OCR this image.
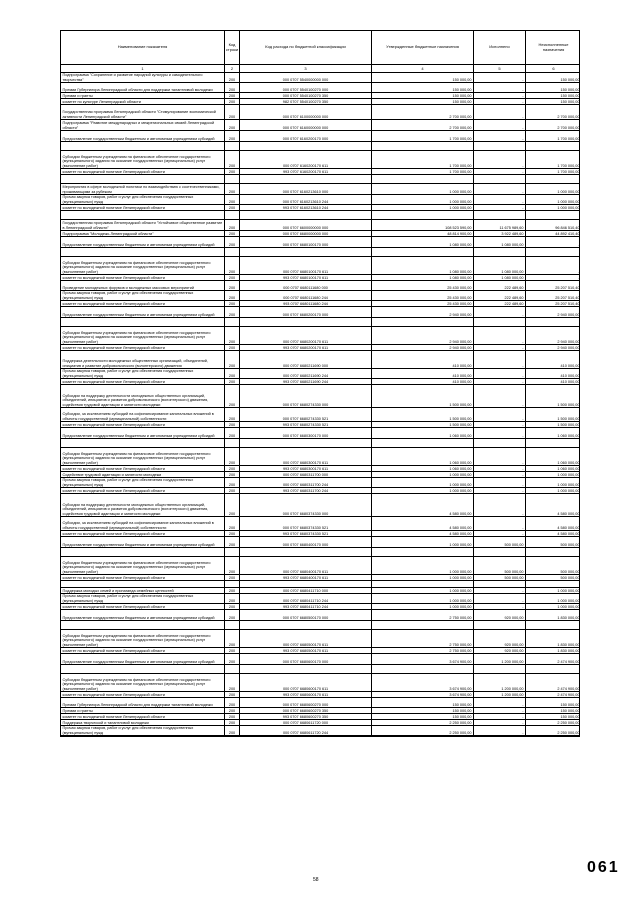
Наименование показателя	Код строки	Код расхода по бюджетной классификации	Утвержденные бюджетные назначения	Исполнено	Неисполненные назначения
1	2	3	4	5	6
Подпрограмма "Сохранение и развитие народной культуры и самодеятельного творчества"	200	000 0707 5540000000 000	150 000,00	-	150 000,00
Премии Губернатора Ленинградской области для поддержки талантливой молодежи	200	000 0707 5540100270 000	150 000,00	-	150 000,00
Премии и гранты	200	000 0707 5540100270 350	150 000,00	-	150 000,00
комитет по культуре Ленинградской области	200	982 0707 5540100270 350	150 000,00	-	150 000,00
Государственная программа Ленинградской области "Стимулирование экономической активности Ленинградской области"	200	000 0707 6100000000 000	2 700 000,00	-	2 700 000,00
Подпрограмма "Развитие международных и межрегиональных связей Ленинградской области"	200	000 0707 6160000000 000	2 700 000,00	-	2 700 000,00
Предоставление государственным бюджетным и автономным учреждениям субсидий	200	000 0707 6160200170 000	1 700 000,00	-	1 700 000,00
Субсидии бюджетным учреждениям на финансовое обеспечение государственного (муниципального) задания на оказание государственных (муниципальных) услуг (выполнение работ)	200	000 0707 6160200170 611	1 700 000,00	-	1 700 000,00
комитет по молодежной политике Ленинградской области	200	993 0707 6160200170 611	1 700 000,00	-	1 700 000,00
Мероприятия в сфере молодежной политики по взаимодействию с соотечественниками, проживающими за рубежом	200	000 0707 6160213610 000	1 000 000,00	-	1 000 000,00
Прочая закупка товаров, работ и услуг для обеспечения государственных (муниципальных) нужд	200	000 0707 6160213610 244	1 000 000,00	-	1 000 000,00
комитет по молодежной политике Ленинградской области	200	993 0707 6160213610 244	1 000 000,00	-	1 000 000,00
Государственная программа Ленинградской области "Устойчивое общественное развитие в Ленинградской области"	200	000 0707 6600000000 000	108 523 590,00	11 675 989,60	96 846 510,40
Подпрограмма "Молодежь Ленинградской области"	200	000 0707 6680000000 000	48 814 900,00	3 922 489,60	44 892 410,40
Предоставление государственным бюджетным и автономным учреждениям субсидий	200	000 0707 6680100170 000	1 080 000,00	1 080 000,00	-
Субсидии бюджетным учреждениям на финансовое обеспечение государственного (муниципального) задания на оказание государственных (муниципальных) услуг (выполнение работ)	200	000 0707 6680100170 611	1 080 000,00	1 080 000,00	-
комитет по молодежной политике Ленинградской области	200	993 0707 6680100170 611	1 080 000,00	1 080 000,00	-
Проведение молодежных форумов и молодежных массовых мероприятий	200	000 0707 6680111680 000	25 430 000,00	222 489,60	25 207 510,40
Прочая закупка товаров, работ и услуг для обеспечения государственных (муниципальных) нужд	200	000 0707 6680111680 244	25 430 000,00	222 489,60	25 207 510,40
комитет по молодежной политике Ленинградской области	200	993 0707 6680111680 244	25 430 000,00	222 489,60	25 207 510,40
Предоставление государственным бюджетным и автономным учреждениям субсидий	200	000 0707 6680200170 000	2 940 000,00	-	2 940 000,00
Субсидии бюджетным учреждениям на финансовое обеспечение государственного (муниципального) задания на оказание государственных (муниципальных) услуг (выполнение работ)	200	000 0707 6680200170 611	2 940 000,00	-	2 940 000,00
комитет по молодежной политике Ленинградской области	200	993 0707 6680200170 611	2 940 000,00	-	2 940 000,00
Поддержка деятельности молодежных общественных организаций, объединений, инициатив и развитие добровольческого (волонтерского) движения	200	000 0707 6680211690 000	410 000,00	-	410 000,00
Прочая закупка товаров, работ и услуг для обеспечения государственных (муниципальных) нужд	200	000 0707 6680211690 244	410 000,00	-	410 000,00
комитет по молодежной политике Ленинградской области	200	993 0707 6680211690 244	410 000,00	-	410 000,00
Субсидии на поддержку деятельности молодежных общественных организаций, объединений, инициатив и развития добровольческого (волонтерского) движения, содействия трудовой адаптации и занятости молодежи	200	000 0707 6680274330 000	1 500 000,00	-	1 500 000,00
Субсидии, за исключением субсидий на софинансирование капитальных вложений в объекты государственной (муниципальной) собственности	200	000 0707 6680274330 521	1 500 000,00	-	1 500 000,00
комитет по молодежной политике Ленинградской области	200	993 0707 6680274330 521	1 500 000,00	-	1 500 000,00
Предоставление государственным бюджетным и автономным учреждениям субсидий	200	000 0707 6680300170 000	1 060 000,00	-	1 060 000,00
Субсидии бюджетным учреждениям на финансовое обеспечение государственного (муниципального) задания на оказание государственных (муниципальных) услуг (выполнение работ)	200	000 0707 6680300170 611	1 060 000,00	-	1 060 000,00
комитет по молодежной политике Ленинградской области	200	993 0707 6680300170 611	1 060 000,00	-	1 060 000,00
Содействие трудовой адаптации и занятости молодежи	200	000 0707 6680311700 000	1 000 000,00	-	1 000 000,00
Прочая закупка товаров, работ и услуг для обеспечения государственных (муниципальных) нужд	200	000 0707 6680311700 244	1 000 000,00	-	1 000 000,00
комитет по молодежной политике Ленинградской области	200	993 0707 6680311700 244	1 000 000,00	-	1 000 000,00
Субсидии на поддержку деятельности молодежных общественных организаций, объединений, инициатив и развития добровольческого (волонтерского) движения, содействия трудовой адаптации и занятости молодежи	200	000 0707 6680374330 000	4 580 000,00	-	4 580 000,00
Субсидии, за исключением субсидий на софинансирование капитальных вложений в объекты государственной (муниципальной) собственности	200	000 0707 6680374330 521	4 580 000,00	-	4 580 000,00
комитет по молодежной политике Ленинградской области	200	993 0707 6680374330 521	4 580 000,00	-	4 580 000,00
Предоставление государственным бюджетным и автономным учреждениям субсидий	200	000 0707 6680400170 000	1 000 000,00	500 000,00	500 000,00
Субсидии бюджетным учреждениям на финансовое обеспечение государственного (муниципального) задания на оказание государственных (муниципальных) услуг (выполнение работ)	200	000 0707 6680400170 611	1 000 000,00	500 000,00	500 000,00
комитет по молодежной политике Ленинградской области	200	993 0707 6680400170 611	1 000 000,00	500 000,00	500 000,00
Поддержка молодых семей и пропаганда семейных ценностей	200	000 0707 6680411710 000	1 000 000,00	-	1 000 000,00
Прочая закупка товаров, работ и услуг для обеспечения государственных (муниципальных) нужд	200	000 0707 6680411710 244	1 000 000,00	-	1 000 000,00
комитет по молодежной политике Ленинградской области	200	993 0707 6680411710 244	1 000 000,00	-	1 000 000,00
Предоставление государственным бюджетным и автономным учреждениям субсидий	200	000 0707 6680500170 000	2 750 000,00	920 000,00	1 830 000,00
Субсидии бюджетным учреждениям на финансовое обеспечение государственного (муниципального) задания на оказание государственных (муниципальных) услуг (выполнение работ)	200	000 0707 6680500170 611	2 750 000,00	920 000,00	1 830 000,00
комитет по молодежной политике Ленинградской области	200	993 0707 6680500170 611	2 750 000,00	920 000,00	1 830 000,00
Предоставление государственным бюджетным и автономным учреждениям субсидий	200	000 0707 6680600170 000	3 674 900,00	1 200 000,00	2 474 900,00
Субсидии бюджетным учреждениям на финансовое обеспечение государственного (муниципального) задания на оказание государственных (муниципальных) услуг (выполнение работ)	200	000 0707 6680600170 611	3 674 900,00	1 200 000,00	2 474 900,00
комитет по молодежной политике Ленинградской области	200	993 0707 6680600170 611	3 674 900,00	1 200 000,00	2 474 900,00
Премии Губернатора Ленинградской области для поддержки талантливой молодежи	200	000 0707 6680600270 000	150 000,00	-	150 000,00
Премии и гранты	200	000 0707 6680600270 350	150 000,00	-	150 000,00
комитет по молодежной политике Ленинградской области	200	993 0707 6680600270 350	150 000,00	-	150 000,00
Поддержка творческой и талантливой молодежи	200	000 0707 6680611720 000	2 250 000,00	-	2 250 000,00
Прочая закупка товаров, работ и услуг для обеспечения государственных (муниципальных) нужд	200	000 0707 6680611720 244	2 250 000,00	-	2 250 000,00
58
061
